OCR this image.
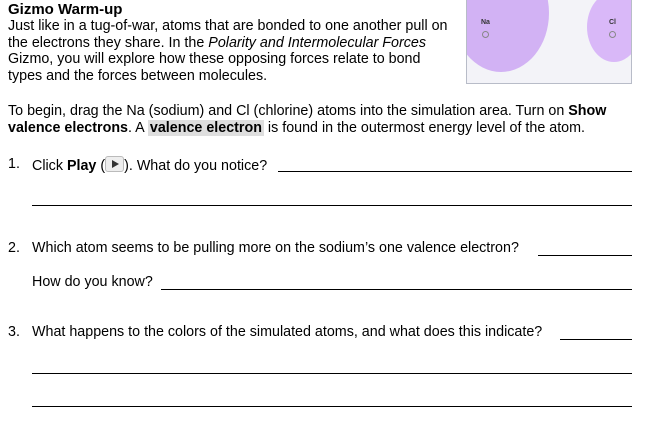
Gizmo Warm-up
Just like in a tug-of-war, atoms that are bonded to one another pull on the electrons they share. In the Polarity and Intermolecular Forces Gizmo, you will explore how these opposing forces relate to bond types and the forces between molecules.
Na	Cl
To begin, drag the Na (sodium) and Cl (chlorine) atoms into the simulation area. Turn on Show valence electrons. A valence electron is found in the outermost energy level of the atom.
1. Click Play ( ). What do you notice?
2. Which atom seems to be pulling more on the sodium’s one valence electron?
How do you know?
3. What happens to the colors of the simulated atoms, and what does this indicate?
